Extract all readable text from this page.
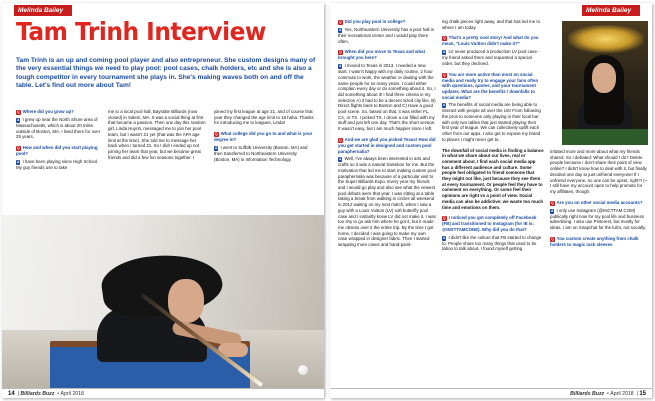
Melinda Bailey
Tam Trinh Interview
Tam Trinh is an up and coming pool player and also entrepreneur. She custom designs many of the very essential things we need to play pool: pool cases, chalk holders, etc and she is also a tough competitor in every tournament she plays in. She's making waves both on and off the table. Let's find out more about Tam!
Q Where did you grow up?
A I grew up near the North Shore area of Massachusetts, which is about 20 miles outside of Boston, MA. I lived there for over 25 years.
Q How and when did you start playing pool?
A I have been playing since High School. My guy friends use to take
me to a local pool hall, Baystate Billiards (now closed) in Salem, MA. It was a social thing at first that became a passion. Then one day this random girl, Linda Huynh, messaged me to join her pool team, but I wasn't 21 yet (that was the APA age limit at the time). She told me to message her back when I turned 21. So I did! I ended up not joining her team that year, but we became great friends and did a few fun seasons together. I
joined my first league at age 21, and of course that year they changed the age limit to 18 haha. Thanks for introducing me to leagues, Linda!
Q What college did you go to and what is your degree in?
A I went to Suffolk University (Boston, MA) and then transferred to Northeastern University (Boston, MA) in Information Technology.
14  | Billiards Buzz  • April 2018
Melinda Bailey
Q Did you play pool in college?
A Yes, Northeastern University has a pool hall in their recreational center and I would play there often.
Q When did you move to Texas and what brought you here?
A I moved to Texas in 2013. I needed a new start. I wasn't happy with my daily routine, 2 hour commute to work, the weather or dealing with the same people for so many years. I could either complain every day or do something about it. So, I did something about it! I had three criteria in my selection A) it had to be a decent sized city like, B) Direct flights back to Boston and C) Have a good pool scene. So, based on that, it was either FL, CA, or TX. I picked TX. I drove a car filled with my stuff and just left one day. That's the short version. It wasn't easy, but I am much happier since I left.
Q And we are glad you picked Texas! How did you get started in designed and custom pool paraphernalia?
A Well, I've always been interested in arts and crafts so it was a natural transition for me. But the motivation that led me to start making custom pool paraphernalia was because of a particular visit to the Super Billiards Expo. Every year my friends and I would go play and also see what the newest pool debuts were that year. I was sitting at a table taking a break from walking in circles all weekend in 2012 waiting on my next match, when I saw a guy with a Louis Vuitton (LV) soft butterfly pool case and I instantly knew LV did not make it. I was too shy to go ask him where he got it, but it made me obsess over it the entire trip. By the time I got home, I decided I was going to make my own case wrapped in designer fabric. Then I started wrapping more cases and hand-paint-
ing chalk pieces right away, and that has led me to where I am today.
Q That's a pretty cool story! And what do you mean, "Louis Vuitton didn't make it?"
A LV never produced a production LV pool case - my friend asked them and requested a special order, but they declined.
Q You are more active than most on social media and really try to engage your fans often with questions, quotes, and your tournament updates. What are the benefits / downfalls to social media?
A The benefits of social media are being able to interact with people all over the US! From following the pros to someone only playing in their local bar with only two tables that just started playing their first year of league. We can collectively uplift each other from our apps. I also get to expose my brand to places I might never get to.
The downfall of social media is finding a balance in what we share about our lives, real or comment about. I find each social media app has a different audience and culture. Some people feel obligated to friend someone that they might not like, just because they see them at every tournament. Or people feel they have to comment on everything. Or some feel their opinions are right vs a point of view. Social media can also be addictive; we waste too much time and emotions on them.
Q I noticed you got completely off Facebook (FB) and transitioned to Instagram (for IE is: @INSTTAMCONE). Why did you do that?
A I didn't like the culture that FB started to change to. People share too many things that used to be taboo to talk about. I found myself getting
irritated more and more about what my friends shared. So I debated: What should I do? Delete people because I don't share their point of view online? I didn't know how to deal with it, but finally decided one day to just unfriend everyone! If I unfriend everyone, no one can be upset, right?! (~ I still have my account open to help promote for my affiliates, though.
Q Are you on other social media accounts?
A I only use Instagram (@INCTTAM.COM) publically right now for my pool life and business advertising. I also use Pinterest, but mostly for ideas. I am on Snapchat for the lulzs, not socially.
Q You custom create anything from chalk holders to magic rack sleeves
Billiards Buzz  • April 2018  | 15
